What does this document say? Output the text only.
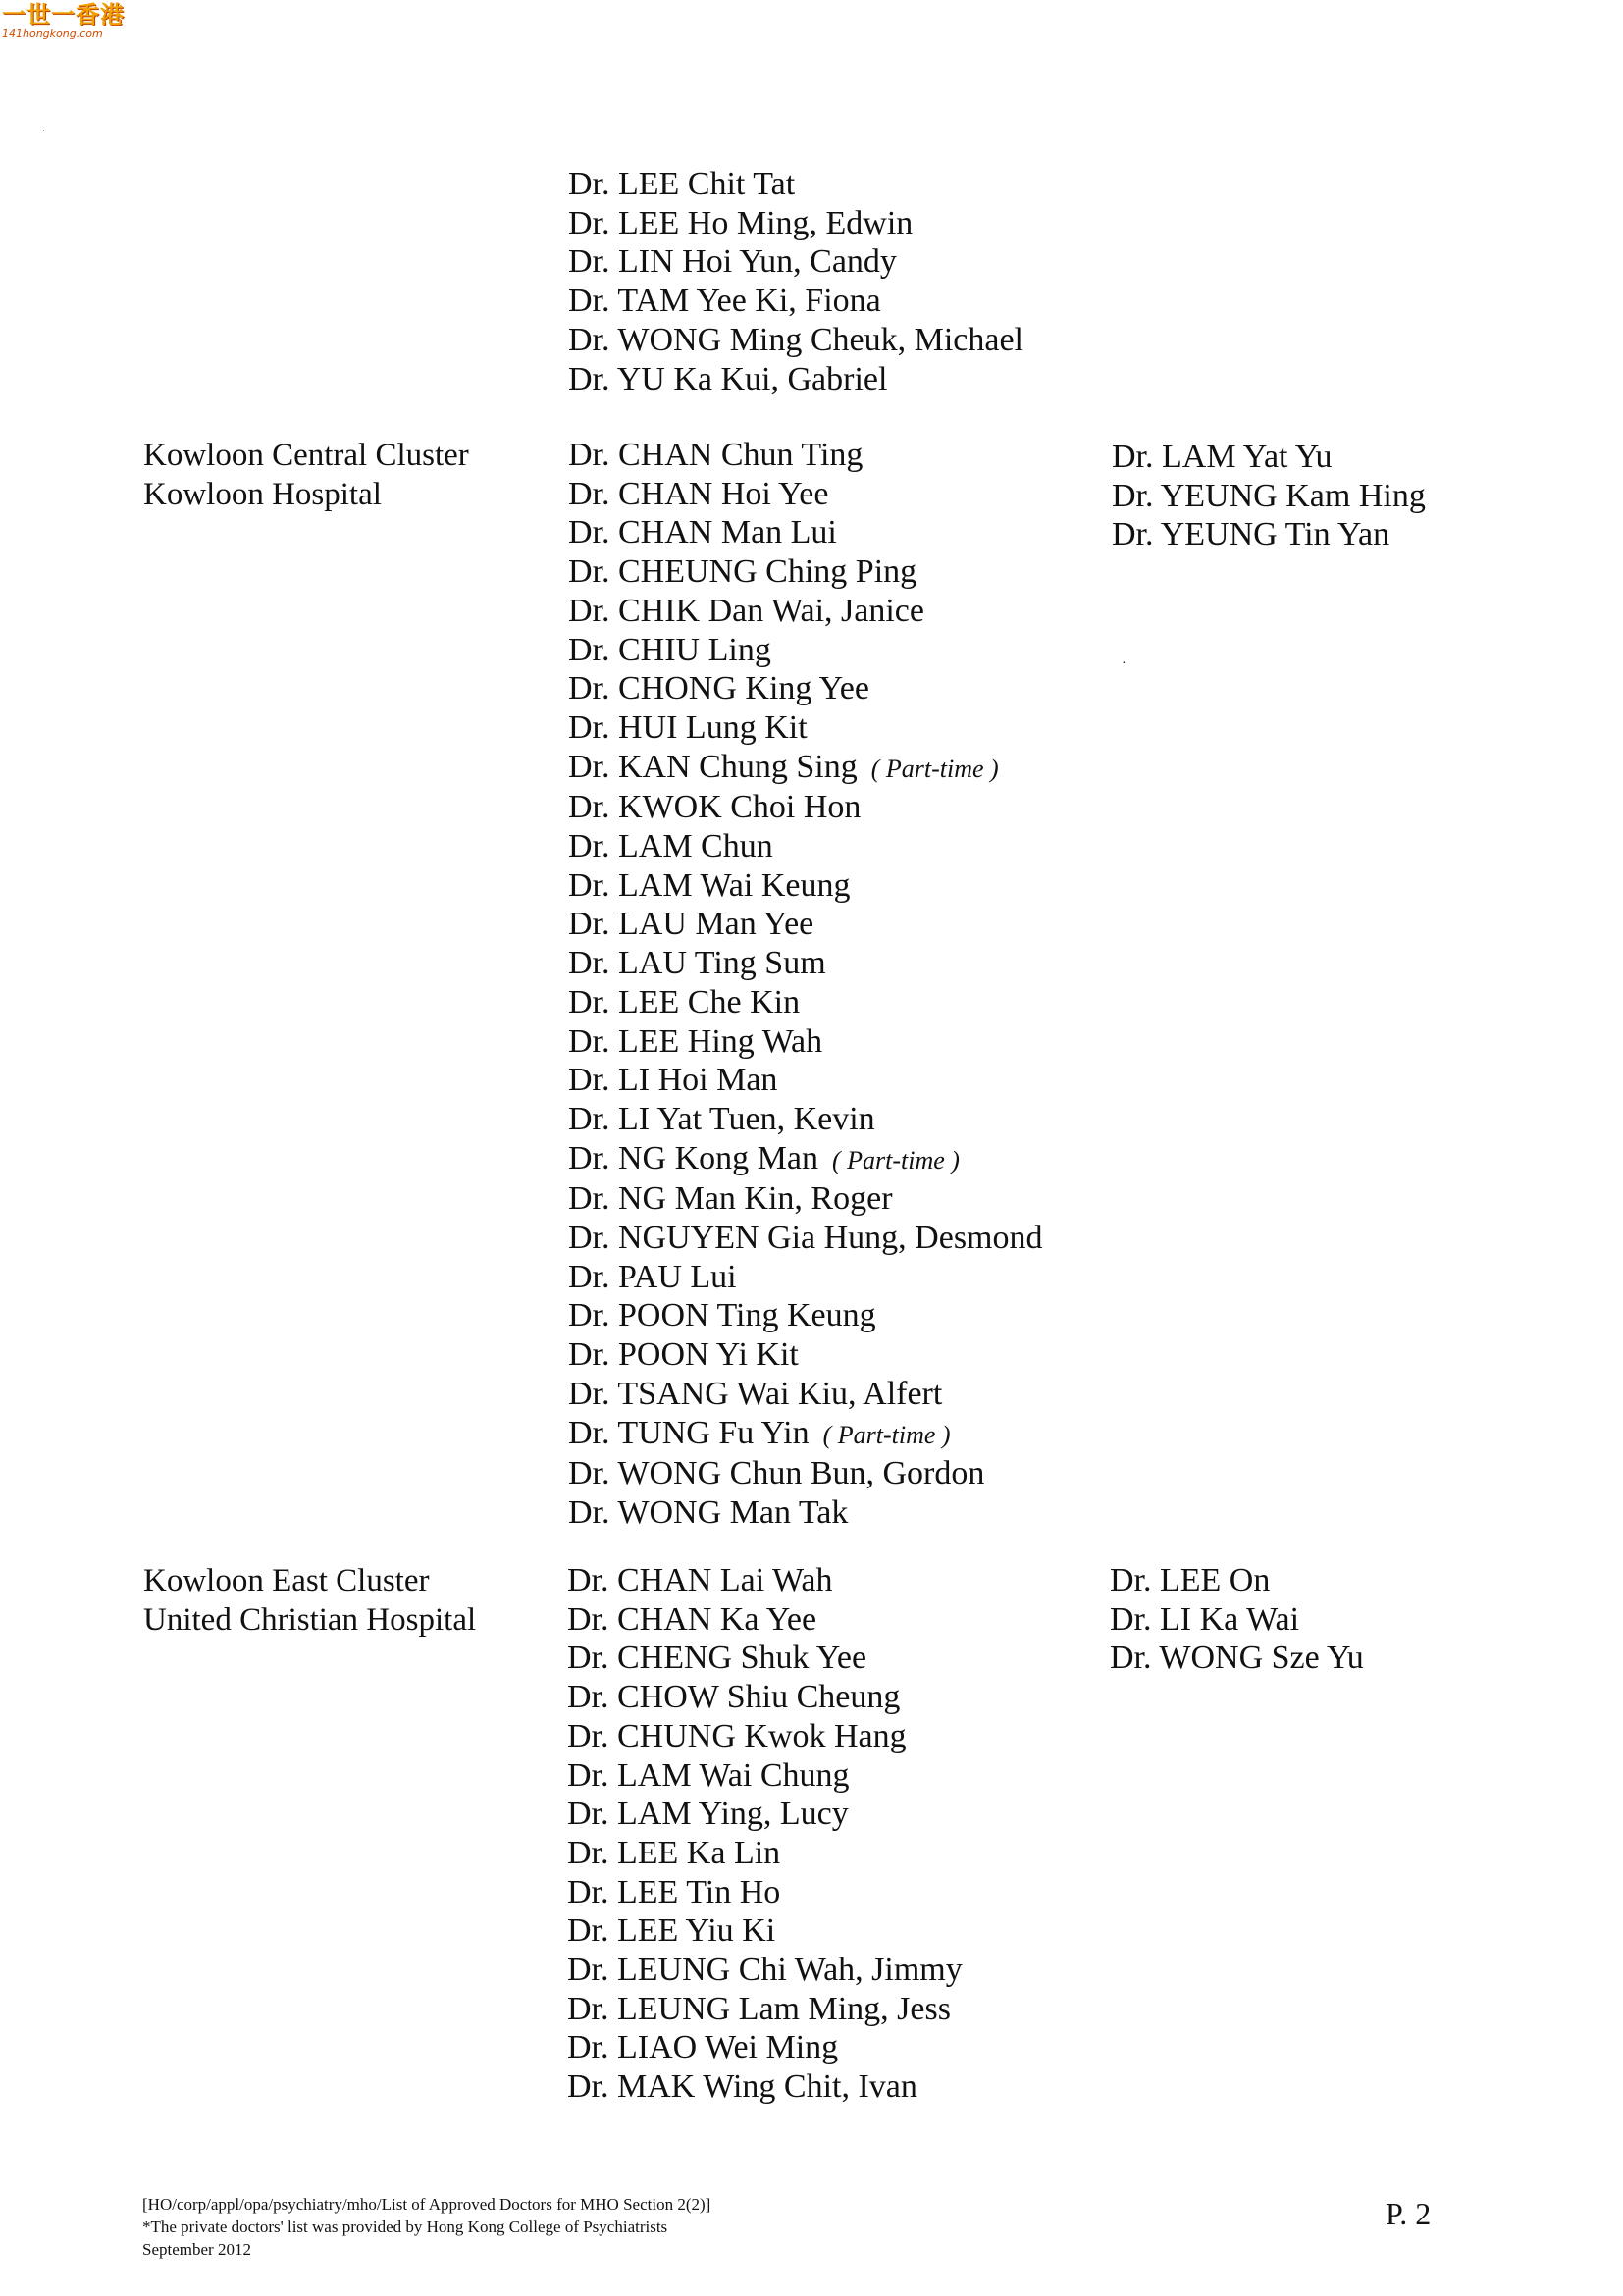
一世一香港
141hongkong.com
˙
·
Dr. LEE Chit Tat
Dr. LEE Ho Ming, Edwin
Dr. LIN Hoi Yun, Candy
Dr. TAM Yee Ki, Fiona
Dr. WONG Ming Cheuk, Michael
Dr. YU Ka Kui, Gabriel
Kowloon Central Cluster
Kowloon Hospital
Dr. CHAN Chun Ting
Dr. CHAN Hoi Yee
Dr. CHAN Man Lui
Dr. CHEUNG Ching Ping
Dr. CHIK Dan Wai, Janice
Dr. CHIU Ling
Dr. CHONG King Yee
Dr. HUI Lung Kit
Dr. KAN Chung Sing ( Part-time )
Dr. KWOK Choi Hon
Dr. LAM Chun
Dr. LAM Wai Keung
Dr. LAU Man Yee
Dr. LAU Ting Sum
Dr. LEE Che Kin
Dr. LEE Hing Wah
Dr. LI Hoi Man
Dr. LI Yat Tuen, Kevin
Dr. NG Kong Man ( Part-time )
Dr. NG Man Kin, Roger
Dr. NGUYEN Gia Hung, Desmond
Dr. PAU Lui
Dr. POON Ting Keung
Dr. POON Yi Kit
Dr. TSANG Wai Kiu, Alfert
Dr. TUNG Fu Yin ( Part-time )
Dr. WONG Chun Bun, Gordon
Dr. WONG Man Tak
Dr. LAM Yat Yu
Dr. YEUNG Kam Hing
Dr. YEUNG Tin Yan
Kowloon East Cluster
United Christian Hospital
Dr. CHAN Lai Wah
Dr. CHAN Ka Yee
Dr. CHENG Shuk Yee
Dr. CHOW Shiu Cheung
Dr. CHUNG Kwok Hang
Dr. LAM Wai Chung
Dr. LAM Ying, Lucy
Dr. LEE Ka Lin
Dr. LEE Tin Ho
Dr. LEE Yiu Ki
Dr. LEUNG Chi Wah, Jimmy
Dr. LEUNG Lam Ming, Jess
Dr. LIAO Wei Ming
Dr. MAK Wing Chit, Ivan
Dr. LEE On
Dr. LI Ka Wai
Dr. WONG Sze Yu
[HO/corp/appl/opa/psychiatry/mho/List of Approved Doctors for MHO Section 2(2)]
*The private doctors' list was provided by Hong Kong College of Psychiatrists
September 2012
P. 2
